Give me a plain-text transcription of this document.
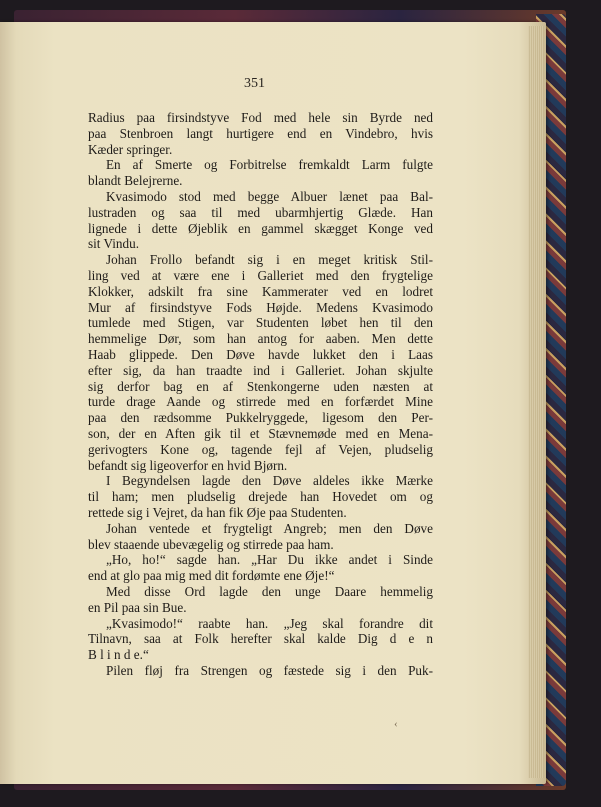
351
Radius paa firsindstyve Fod med hele sin Byrde ned
paa Stenbroen langt hurtigere end en Vindebro, hvis
Kæder springer.
En af Smerte og Forbitrelse fremkaldt Larm fulgte
blandt Belejrerne.
Kvasimodo stod med begge Albuer lænet paa Bal-
lustraden og saa til med ubarmhjertig Glæde. Han
lignede i dette Øjeblik en gammel skægget Konge ved
sit Vindu.
Johan Frollo befandt sig i en meget kritisk Stil-
ling ved at være ene i Galleriet med den frygtelige
Klokker, adskilt fra sine Kammerater ved en lodret
Mur af firsindstyve Fods Højde. Medens Kvasimodo
tumlede med Stigen, var Studenten løbet hen til den
hemmelige Dør, som han antog for aaben. Men dette
Haab glippede. Den Døve havde lukket den i Laas
efter sig, da han traadte ind i Galleriet. Johan skjulte
sig derfor bag en af Stenkongerne uden næsten at
turde drage Aande og stirrede med en forfærdet Mine
paa den rædsomme Pukkelryggede, ligesom den Per-
son, der en Aften gik til et Stævnemøde med en Mena-
gerivogters Kone og, tagende fejl af Vejen, pludselig
befandt sig ligeoverfor en hvid Bjørn.
I Begyndelsen lagde den Døve aldeles ikke Mærke
til ham; men pludselig drejede han Hovedet om og
rettede sig i Vejret, da han fik Øje paa Studenten.
Johan ventede et frygteligt Angreb; men den Døve
blev staaende ubevægelig og stirrede paa ham.
„Ho, ho!“ sagde han. „Har Du ikke andet i Sinde
end at glo paa mig med dit fordømte ene Øje!“
Med disse Ord lagde den unge Daare hemmelig
en Pil paa sin Bue.
„Kvasimodo!“ raabte han. „Jeg skal forandre dit
Tilnavn, saa at Folk herefter skal kalde Dig d e n
B l i n d e.“
Pilen fløj fra Strengen og fæstede sig i den Puk-
‹
